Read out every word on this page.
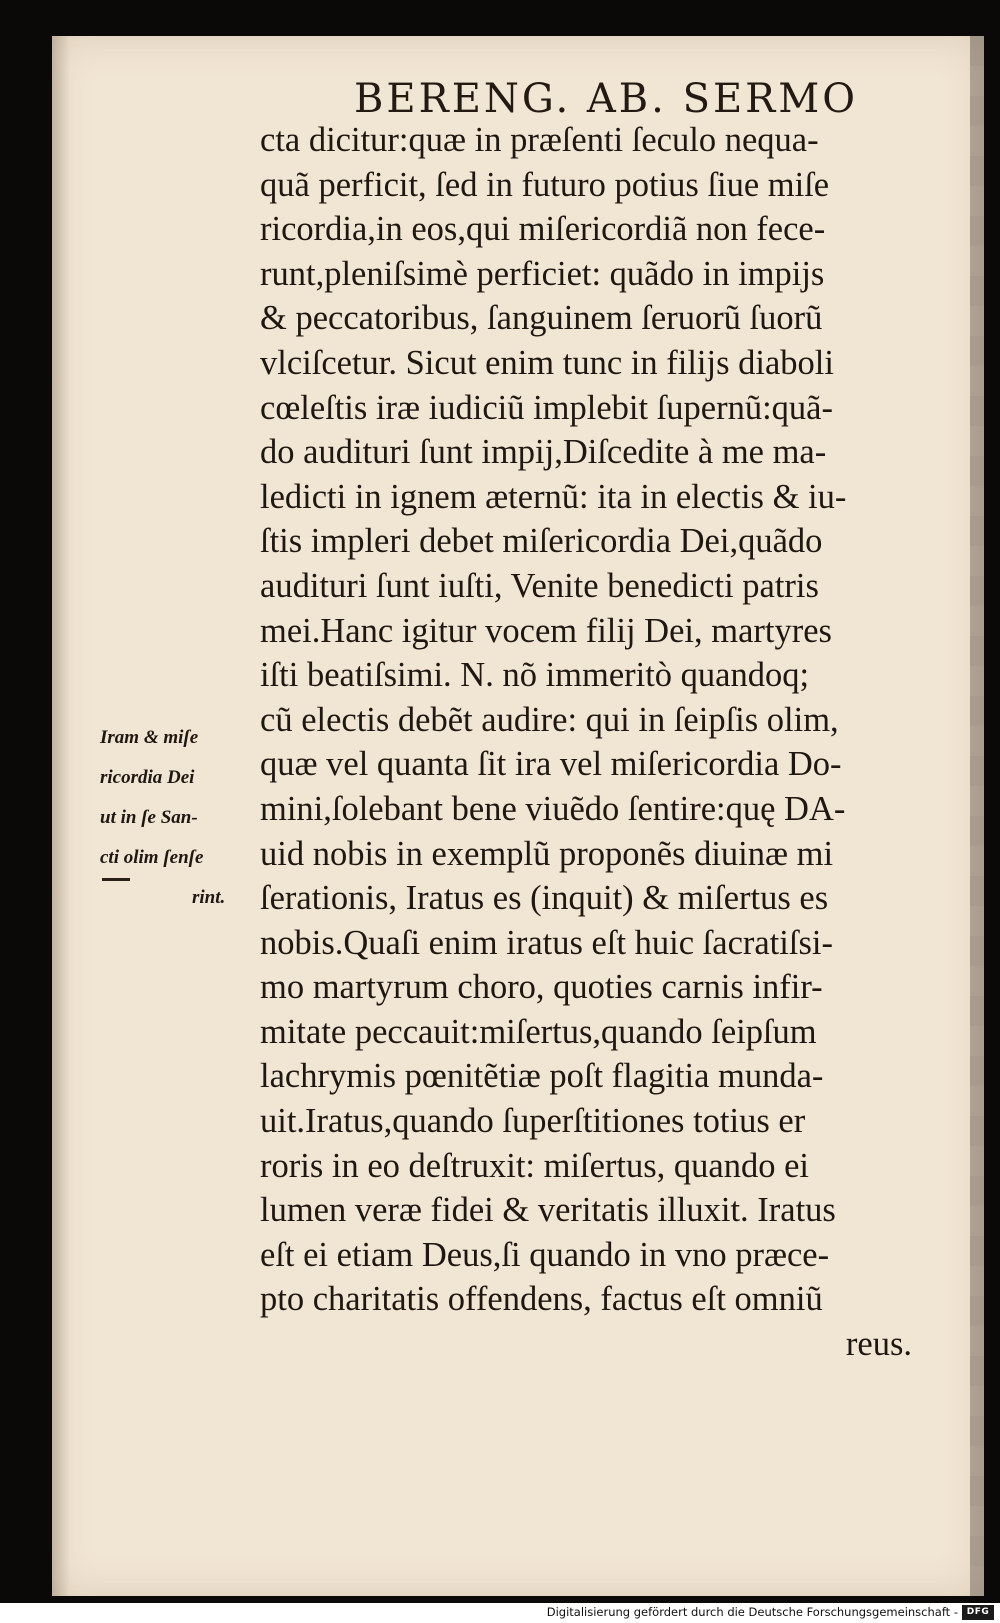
BERENG. AB. SERMO
cta dicitur:quæ in præſenti ſeculo nequa-
quã perficit, ſed in futuro potius ſiue miſe
ricordia,in eos,qui miſericordiã non fece-
runt,pleniſsimè perficiet: quãdo in impijs
& peccatoribus, ſanguinem ſeruorũ ſuorũ
vlciſcetur. Sicut enim tunc in filijs diaboli
cœleſtis iræ iudiciũ implebit ſupernũ:quã-
do audituri ſunt impij,Diſcedite à me ma-
ledicti in ignem æternũ: ita in electis & iu-
ſtis impleri debet miſericordia Dei,quãdo
audituri ſunt iuſti, Venite benedicti patris
mei.Hanc igitur vocem filij Dei, martyres
iſti beatiſsimi. N. nõ immeritò quandoq;
cũ electis debẽt audire: qui in ſeipſis olim,
quæ vel quanta ſit ira vel miſericordia Do-
mini,ſolebant bene viuẽdo ſentire:quę DA-
uid nobis in exemplũ proponẽs diuinæ mi
ſerationis, Iratus es (inquit) & miſertus es
nobis.Quaſi enim iratus eſt huic ſacratiſsi-
mo martyrum choro, quoties carnis infir-
mitate peccauit:miſertus,quando ſeipſum
lachrymis pœnitẽtiæ poſt flagitia munda-
uit.Iratus,quando ſuperſtitiones totius er
roris in eo deſtruxit: miſertus, quando ei
lumen veræ fidei & veritatis illuxit. Iratus
eſt ei etiam Deus,ſi quando in vno præce-
pto charitatis offendens, factus eſt omniũ
reus.
Iram & miſe
ricordia Dei
ut in ſe San-
cti olim ſenſe
rint.
Digitalisierung gefördert durch die Deutsche Forschungsgemeinschaft - DFG
